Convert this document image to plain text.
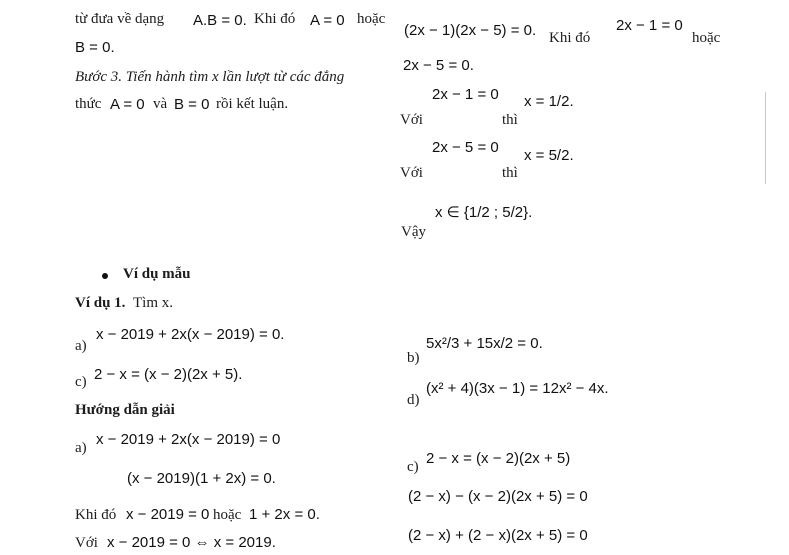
từ đưa về dạng A.B = 0. Khi đó A = 0 hoặc
B = 0.
Bước 3. Tiến hành tìm x lần lượt từ các đẳng
thức A = 0 và B = 0 rồi kết luận.
(2x − 1)(2x − 5) = 0. Khi đó
2x − 1 = 0
hoặc
2x − 5 = 0.
Với
2x − 1 = 0
thì
x = 1/2.
Với
2x − 5 = 0
thì
x = 5/2.
Vậy
x ∈ {1/2 ; 5/2}.
Ví dụ mẫu
Ví dụ 1. Tìm x.
a)
x − 2019 + 2x(x − 2019) = 0.
b)
5x²/3 + 15x/2 = 0.
c) 2 − x = (x − 2)(2x + 5).
d)
(x² + 4)(3x − 1) = 12x² − 4x.
Hướng dẫn giải
a) x − 2019 + 2x(x − 2019) = 0
(x − 2019)(1 + 2x) = 0.
Khi đó x − 2019 = 0 hoặc 1 + 2x = 0.
Với x − 2019 = 0 ⇔ x = 2019.
c) 2 − x = (x − 2)(2x + 5)
(2 − x) − (x − 2)(2x + 5) = 0
(2 − x) + (2 − x)(2x + 5) = 0
